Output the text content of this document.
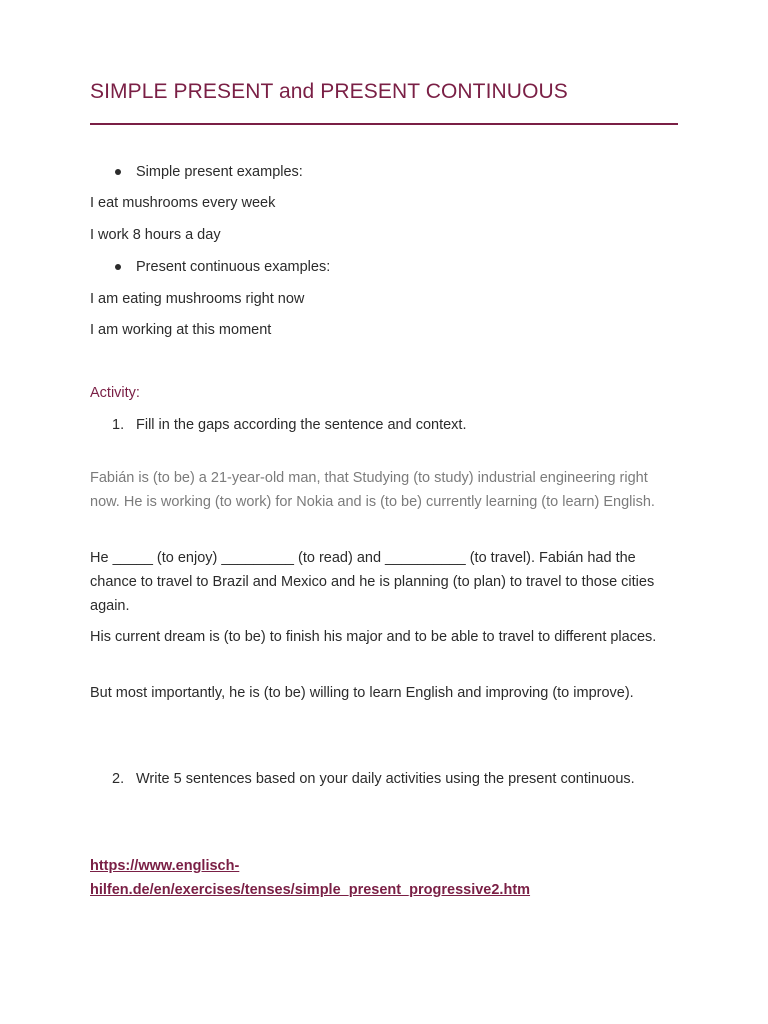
SIMPLE PRESENT and PRESENT CONTINUOUS
Simple present examples:
I eat mushrooms every week
I work 8 hours a day
Present continuous examples:
I am eating mushrooms right now
I am working at this moment
Activity:
1. Fill in the gaps according the sentence and context.
Fabián is (to be) a 21-year-old man, that Studying (to study) industrial engineering right now. He is working (to work) for Nokia and is (to be) currently learning (to learn) English.
He _____ (to enjoy) _________ (to read) and __________ (to travel). Fabián had the chance to travel to Brazil and Mexico and he is planning (to plan) to travel to those cities again.
His current dream is (to be) to finish his major and to be able to travel to different places.
But most importantly, he is (to be) willing to learn English and improving (to improve).
2. Write 5 sentences based on your daily activities using the present continuous.
https://www.englisch-hilfen.de/en/exercises/tenses/simple_present_progressive2.htm
